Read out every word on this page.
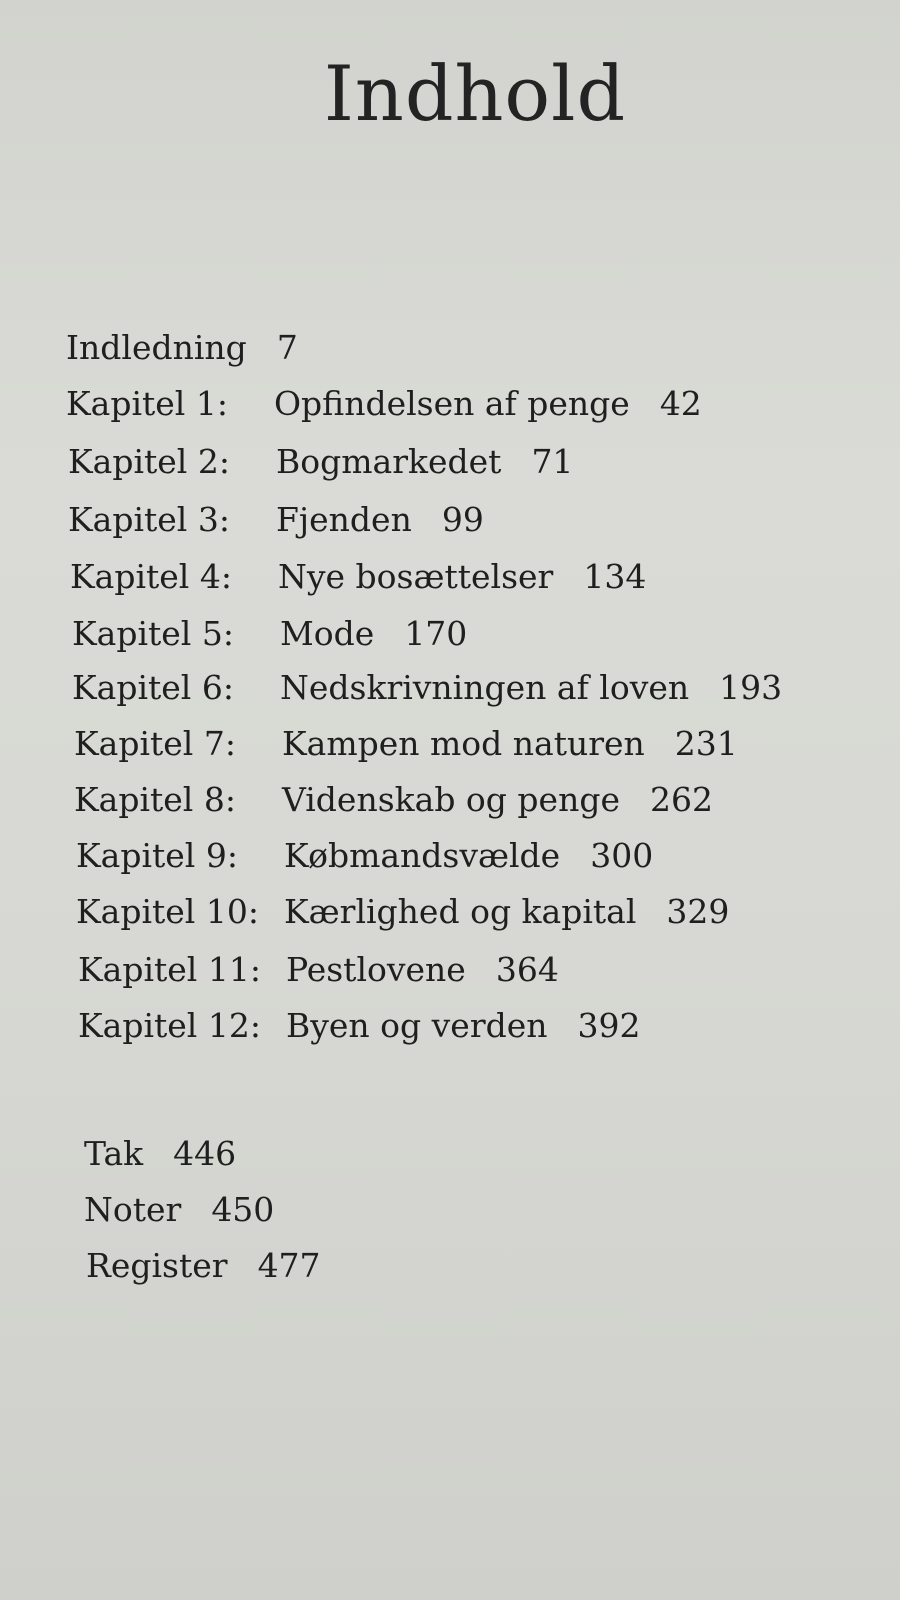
Indhold
Indledning 7
Kapitel 1: Opfindelsen af penge 42
Kapitel 2: Bogmarkedet 71
Kapitel 3: Fjenden 99
Kapitel 4: Nye bosættelser 134
Kapitel 5: Mode 170
Kapitel 6: Nedskrivningen af loven 193
Kapitel 7: Kampen mod naturen 231
Kapitel 8: Videnskab og penge 262
Kapitel 9: Købmandsvælde 300
Kapitel 10: Kærlighed og kapital 329
Kapitel 11: Pestlovene 364
Kapitel 12: Byen og verden 392
Tak 446
Noter 450
Register 477
